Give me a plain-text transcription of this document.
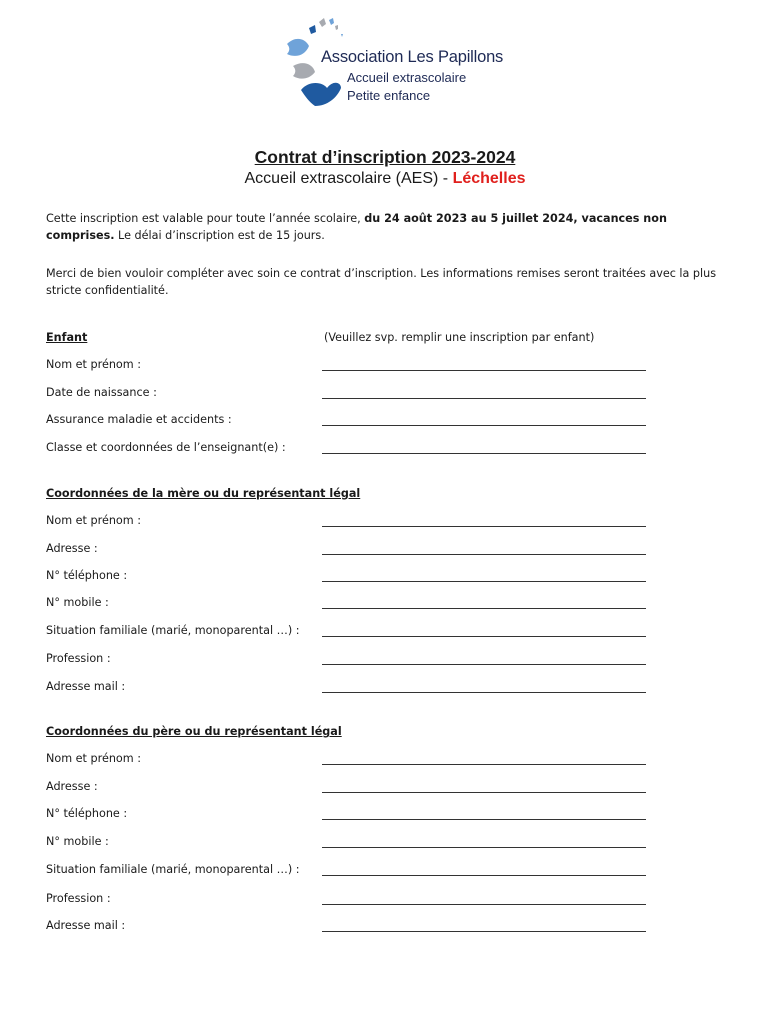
Association Les Papillons
Accueil extrascolaire
Petite enfance
Contrat d’inscription 2023-2024
Accueil extrascolaire (AES) - Léchelles
Cette inscription est valable pour toute l’année scolaire, du 24 août 2023 au 5 juillet 2024, vacances non comprises. Le délai d’inscription est de 15 jours.
Merci de bien vouloir compléter avec soin ce contrat d’inscription. Les informations remises seront traitées avec la plus stricte confidentialité.
Enfant	(Veuillez svp. remplir une inscription par enfant)
Nom et prénom :
Date de naissance :
Assurance maladie et accidents :
Classe et coordonnées de l’enseignant(e) :
Coordonnées de la mère ou du représentant légal
Nom et prénom :
Adresse :
N° téléphone :
N° mobile :
Situation familiale (marié, monoparental …) :
Profession :
Adresse mail :
Coordonnées du père ou du représentant légal
Nom et prénom :
Adresse :
N° téléphone :
N° mobile :
Situation familiale (marié, monoparental …) :
Profession :
Adresse mail :
